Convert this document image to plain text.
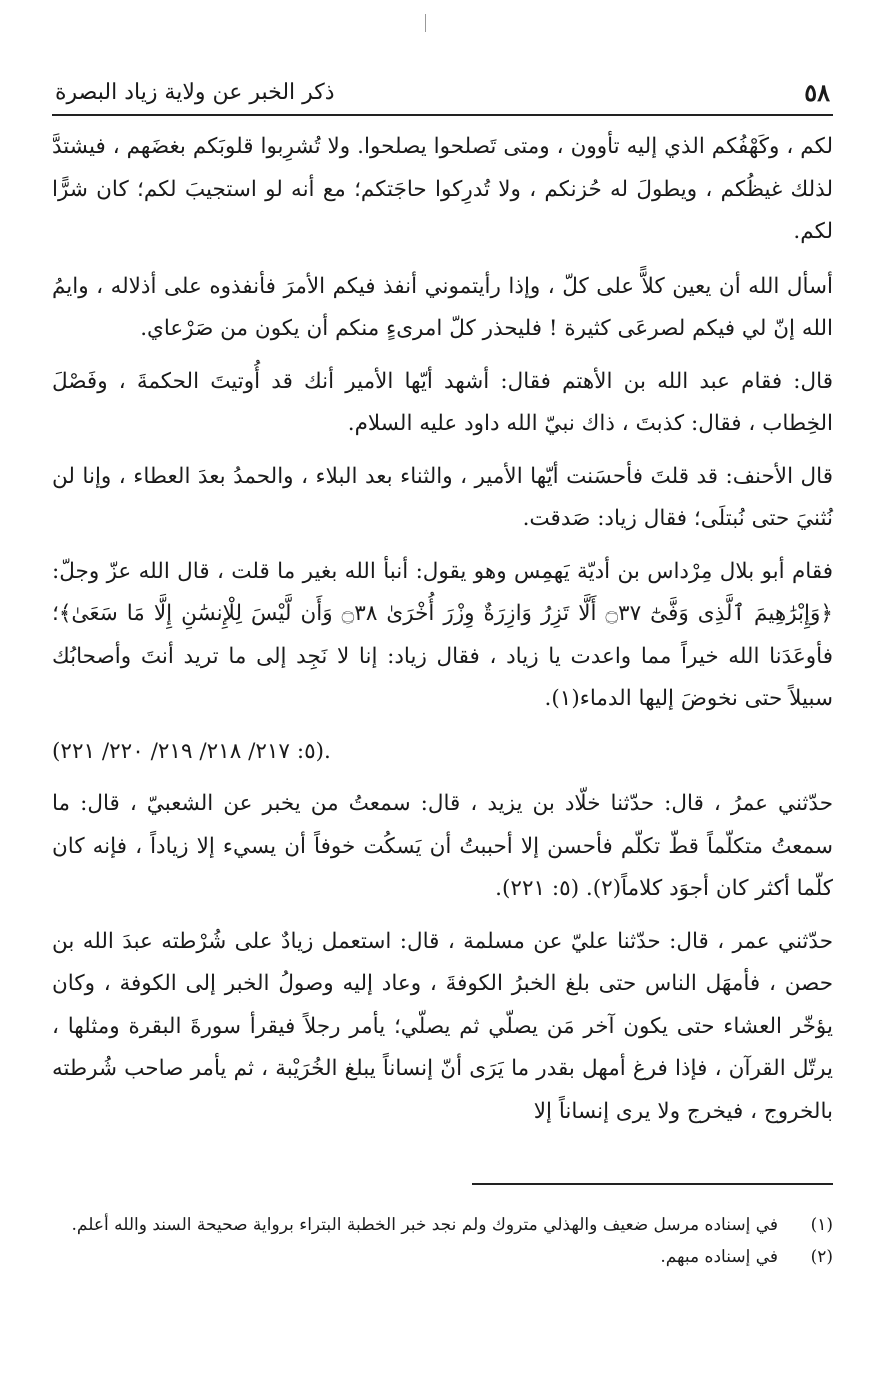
٥٨
ذكر الخبر عن ولاية زياد البصرة

لكم ، وكَهْفُكم الذي إليه تأوون ، ومتى تَصلحوا يصلحوا. ولا تُشرِبوا قلوبَكم بغضَهم ، فيشتدَّ لذلك غيظُكم ، ويطولَ له حُزنكم ، ولا تُدرِكوا حاجَتكم؛ مع أنه لو استجيبَ لكم؛ كان شرًّا لكم.

أسأل الله أن يعين كلاًّ على كلّ ، وإذا رأيتموني أنفذ فيكم الأمرَ فأنفذوه على أذلاله ، وايمُ الله إنّ لي فيكم لصرعَى كثيرة ! فليحذر كلّ امرىءٍ منكم أن يكون من صَرْعاي.

قال: فقام عبد الله بن الأهتم فقال: أشهد أيّها الأمير أنك قد أُوتيتَ الحكمةَ ، وفَصْلَ الخِطاب ، فقال: كذبتَ ، ذاك نبيّ الله داود عليه السلام.

قال الأحنف: قد قلتَ فأحسَنت أيّها الأمير ، والثناء بعد البلاء ، والحمدُ بعدَ العطاء ، وإنا لن نُثنيَ حتى نُبتلَى؛ فقال زياد: صَدقت.

فقام أبو بلال مِرْداس بن أديّة يَهمِس وهو يقول: أنبأ الله بغير ما قلت ، قال الله عزّ وجلّ: ﴿وَإِبْرَٰهِيمَ ٱلَّذِى وَفَّىٰٓ ۝٣٧ أَلَّا تَزِرُ وَازِرَةٌ وِزْرَ أُخْرَىٰ ۝٣٨ وَأَن لَّيْسَ لِلْإِنسَٰنِ إِلَّا مَا سَعَىٰ﴾؛ فأوعَدَنا الله خيراً مما واعدت يا زياد ، فقال زياد: إنا لا نَجِد إلى ما تريد أنتَ وأصحابُك سبيلاً حتى نخوضَ إليها الدماء(١).

(٥: ٢١٧/ ٢١٨/ ٢١٩/ ٢٢٠/ ٢٢١).

حدّثني عمرُ ، قال: حدّثنا خلّاد بن يزيد ، قال: سمعتُ من يخبر عن الشعبيّ ، قال: ما سمعتُ متكلّماً قطّ تكلّم فأحسن إلا أحببتُ أن يَسكُت خوفاً أن يسيء إلا زياداً ، فإنه كان كلّما أكثر كان أجوَد كلاماً(٢). (٥: ٢٢١).

حدّثني عمر ، قال: حدّثنا عليّ عن مسلمة ، قال: استعمل زيادٌ على شُرْطته عبدَ الله بن حصن ، فأمهَل الناس حتى بلغ الخبرُ الكوفةَ ، وعاد إليه وصولُ الخبر إلى الكوفة ، وكان يؤخّر العشاء حتى يكون آخر مَن يصلّي ثم يصلّي؛ يأمر رجلاً فيقرأ سورةَ البقرة ومثلها ، يرتّل القرآن ، فإذا فرغ أمهل بقدر ما يَرَى أنّ إنساناً يبلغ الخُرَيْبة ، ثم يأمر صاحب شُرطته بالخروج ، فيخرج ولا يرى إنساناً إلا

(١)
في إسناده مرسل ضعيف والهذلي متروك ولم نجد خبر الخطبة البتراء برواية صحيحة السند والله أعلم.
(٢)
في إسناده مبهم.
